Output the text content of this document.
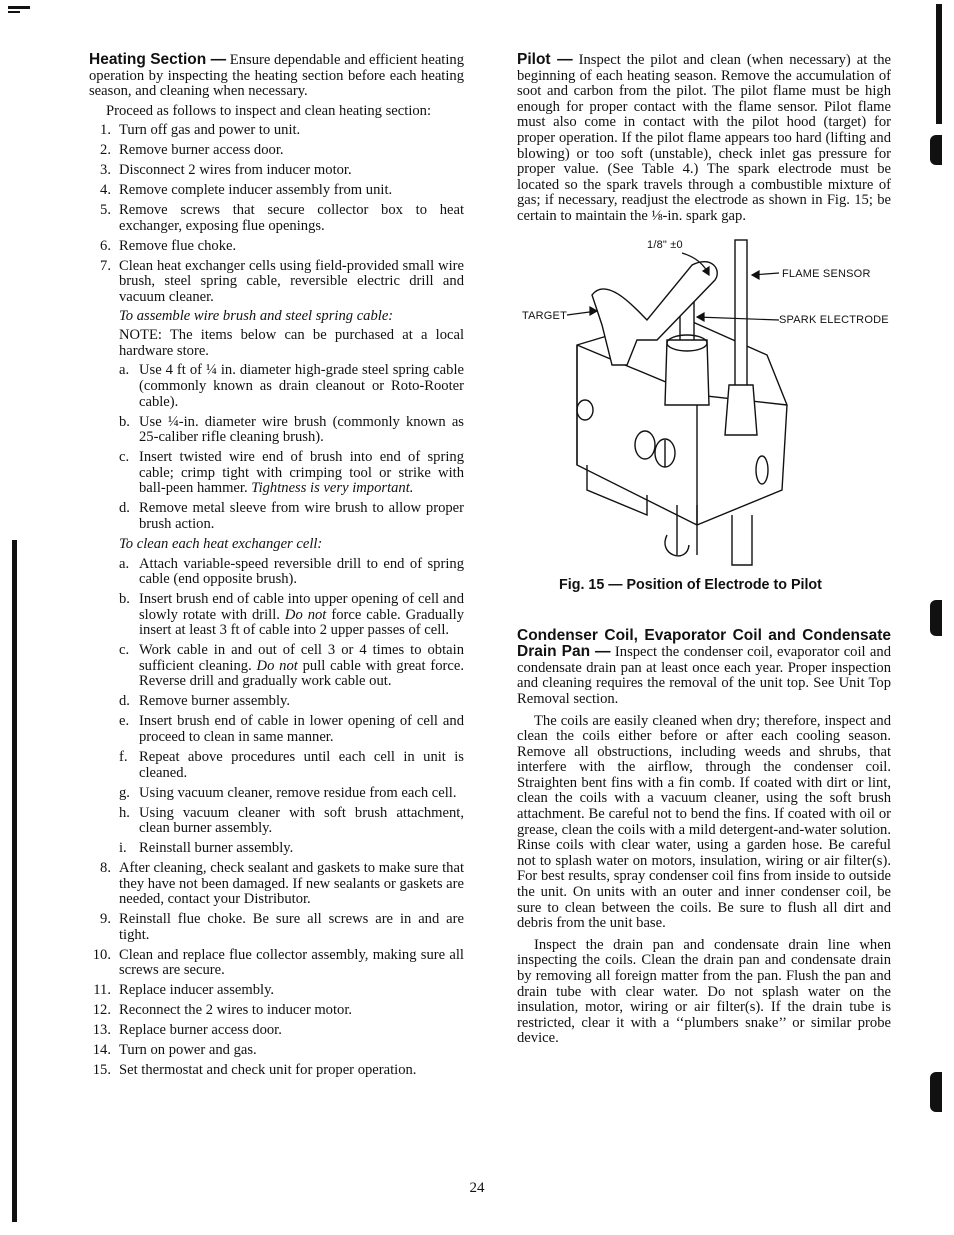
Heating Section — Ensure dependable and efficient heating operation by inspecting the heating section before each heating season, and cleaning when necessary.

Proceed as follows to inspect and clean heating section:

1. Turn off gas and power to unit.
2. Remove burner access door.
3. Disconnect 2 wires from inducer motor.
4. Remove complete inducer assembly from unit.
5. Remove screws that secure collector box to heat exchanger, exposing flue openings.
6. Remove flue choke.
7. Clean heat exchanger cells using field-provided small wire brush, steel spring cable, reversible electric drill and vacuum cleaner.
To assemble wire brush and steel spring cable:
NOTE: The items below can be purchased at a local hardware store.
a. Use 4 ft of ¼ in. diameter high-grade steel spring cable (commonly known as drain cleanout or Roto-Rooter cable).
b. Use ¼-in. diameter wire brush (commonly known as 25-caliber rifle cleaning brush).
c. Insert twisted wire end of brush into end of spring cable; crimp tight with crimping tool or strike with ball-peen hammer. Tightness is very important.
d. Remove metal sleeve from wire brush to allow proper brush action.
To clean each heat exchanger cell:
a. Attach variable-speed reversible drill to end of spring cable (end opposite brush).
b. Insert brush end of cable into upper opening of cell and slowly rotate with drill. Do not force cable. Gradually insert at least 3 ft of cable into 2 upper passes of cell.
c. Work cable in and out of cell 3 or 4 times to obtain sufficient cleaning. Do not pull cable with great force. Reverse drill and gradually work cable out.
d. Remove burner assembly.
e. Insert brush end of cable in lower opening of cell and proceed to clean in same manner.
f. Repeat above procedures until each cell in unit is cleaned.
g. Using vacuum cleaner, remove residue from each cell.
h. Using vacuum cleaner with soft brush attachment, clean burner assembly.
i. Reinstall burner assembly.
8. After cleaning, check sealant and gaskets to make sure that they have not been damaged. If new sealants or gaskets are needed, contact your Distributor.
9. Reinstall flue choke. Be sure all screws are in and are tight.
10. Clean and replace flue collector assembly, making sure all screws are secure.
11. Replace inducer assembly.
12. Reconnect the 2 wires to inducer motor.
13. Replace burner access door.
14. Turn on power and gas.
15. Set thermostat and check unit for proper operation.

Pilot — Inspect the pilot and clean (when necessary) at the beginning of each heating season. Remove the accumulation of soot and carbon from the pilot. The pilot flame must be high enough for proper contact with the flame sensor. Pilot flame must also come in contact with the pilot hood (target) for proper operation. If the pilot flame appears too hard (lifting and blowing) or too soft (unstable), check inlet gas pressure for proper value. (See Table 4.) The spark electrode must be located so the spark travels through a combustible mixture of gas; if necessary, readjust the electrode as shown in Fig. 15; be certain to maintain the ⅛-in. spark gap.

1/8" ±0
FLAME SENSOR
TARGET	SPARK ELECTRODE
Fig. 15 — Position of Electrode to Pilot

Condenser Coil, Evaporator Coil and Condensate Drain Pan — Inspect the condenser coil, evaporator coil and condensate drain pan at least once each year. Proper inspection and cleaning requires the removal of the unit top. See Unit Top Removal section.

The coils are easily cleaned when dry; therefore, inspect and clean the coils either before or after each cooling season. Remove all obstructions, including weeds and shrubs, that interfere with the airflow, through the condenser coil. Straighten bent fins with a fin comb. If coated with dirt or lint, clean the coils with a vacuum cleaner, using the soft brush attachment. Be careful not to bend the fins. If coated with oil or grease, clean the coils with a mild detergent-and-water solution. Rinse coils with clear water, using a garden hose. Be careful not to splash water on motors, insulation, wiring or air filter(s). For best results, spray condenser coil fins from inside to outside the unit. On units with an outer and inner condenser coil, be sure to clean between the coils. Be sure to flush all dirt and debris from the unit base.

Inspect the drain pan and condensate drain line when inspecting the coils. Clean the drain pan and condensate drain by removing all foreign matter from the pan. Flush the pan and drain tube with clear water. Do not splash water on the insulation, motor, wiring or air filter(s). If the drain tube is restricted, clear it with a ‘‘plumbers snake’’ or similar probe device.

24
